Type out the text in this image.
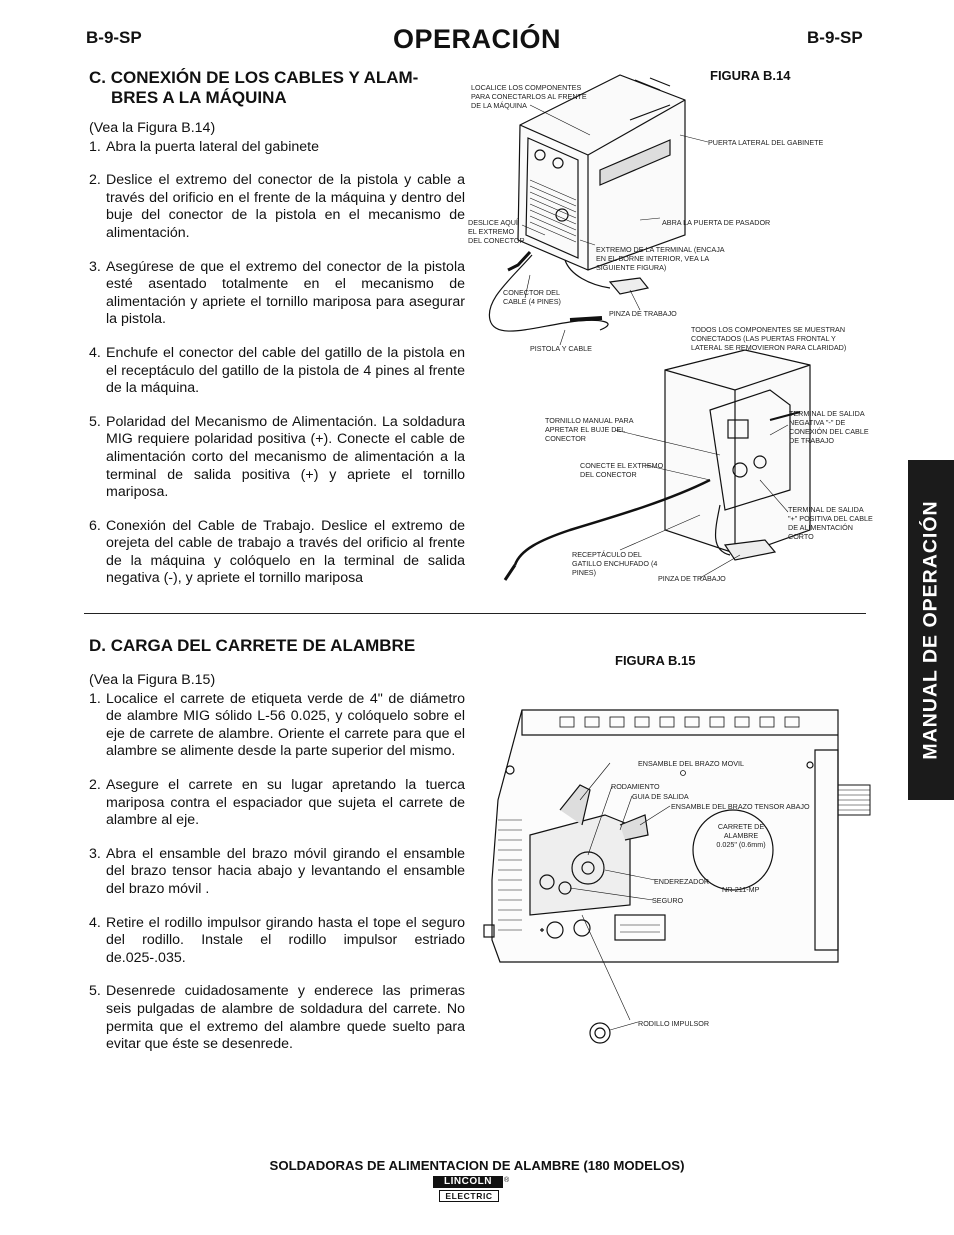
B-9-SP	OPERACIÓN	B-9-SP
MANUAL DE OPERACIÓN
C. CONEXIÓN DE LOS CABLES Y ALAM-
BRES A LA MÁQUINA
(Vea la Figura B.14)

1. Abra la puerta lateral del gabinete

2. Deslice el extremo del conector de la pistola y cable a través del orificio en el frente de la máquina y dentro del buje del conector de la pistola en el mecanismo de alimentación.

3. Asegúrese de que el extremo del conector de la pistola esté asentado totalmente en el mecanismo de alimentación y apriete el tornillo mariposa para asegurar la pistola.

4. Enchufe el conector del cable del gatillo de la pistola en el receptáculo del gatillo de la pistola de 4 pines al frente de la máquina.

5. Polaridad del Mecanismo de Alimentación. La soldadura MIG requiere polaridad positiva (+). Conecte el cable de alimentación corto del mecanismo de alimentación a la terminal de salida positiva (+) y apriete el tornillo mariposa.

6. Conexión del Cable de Trabajo. Deslice el extremo de orejeta del cable de trabajo a través del orificio al frente de la máquina y colóquelo en la terminal de salida negativa (-), y apriete el tornillo mariposa

D. CARGA DEL CARRETE DE ALAMBRE
(Vea la Figura B.15)

1. Localice el carrete de etiqueta verde de 4" de diámetro de alambre MIG sólido L-56 0.025, y colóquelo sobre el eje de carrete de alambre. Oriente el carrete para que el alambre se alimente desde la parte superior del mismo.

2. Asegure el carrete en su lugar apretando la tuerca mariposa contra el espaciador que sujeta el carrete de alambre al eje.

3. Abra el ensamble del brazo móvil girando el ensamble del brazo tensor hacia abajo y levantando el ensamble del brazo móvil .

4. Retire el rodillo impulsor girando hasta el tope el seguro del rodillo. Instale el rodillo impulsor estriado de.025-.035.

5. Desenrede cuidadosamente y enderece las primeras seis pulgadas de alambre de soldadura del carrete. No permita que el extremo del alambre quede suelto para evitar que éste se desenrede.

FIGURA B.14
LOCALICE LOS COMPONENTES PARA CONECTARLOS AL FRENTE DE LA MÁQUINA
PUERTA LATERAL DEL GABINETE
DESLICE AQUÍ EL EXTREMO DEL CONECTOR
ABRA LA PUERTA DE PASADOR
EXTREMO DE LA TERMINAL (ENCAJA EN EL BORNE INTERIOR, VEA LA SIGUIENTE FIGURA)
CONECTOR DEL CABLE (4 PINES)
PINZA DE TRABAJO
PISTOLA Y CABLE
TODOS LOS COMPONENTES SE MUESTRAN CONECTADOS (LAS PUERTAS FRONTAL Y LATERAL SE REMOVIERON PARA CLARIDAD)
TORNILLO MANUAL PARA APRETAR EL BUJE DEL CONECTOR
TERMINAL DE SALIDA NEGATIVA "-" DE CONEXIÓN DEL CABLE DE TRABAJO
CONECTE EL EXTREMO DEL CONECTOR
TERMINAL DE SALIDA "+" POSITIVA DEL CABLE DE ALIMENTACIÓN CORTO
RECEPTÁCULO DEL GATILLO ENCHUFADO (4 PINES)
PINZA DE TRABAJO
FIGURA B.15
ENSAMBLE DEL BRAZO MOVIL
RODAMIENTO
GUIA DE SALIDA
ENSAMBLE DEL BRAZO TENSOR ABAJO
CARRETE DE
ALAMBRE
0.025" (0.6mm)
ENDEREZADOR
NR-211-MP
SEGURO
RODILLO IMPULSOR
SOLDADORAS DE ALIMENTACION DE ALAMBRE (180 MODELOS)
LINCOLN
ELECTRIC
®
